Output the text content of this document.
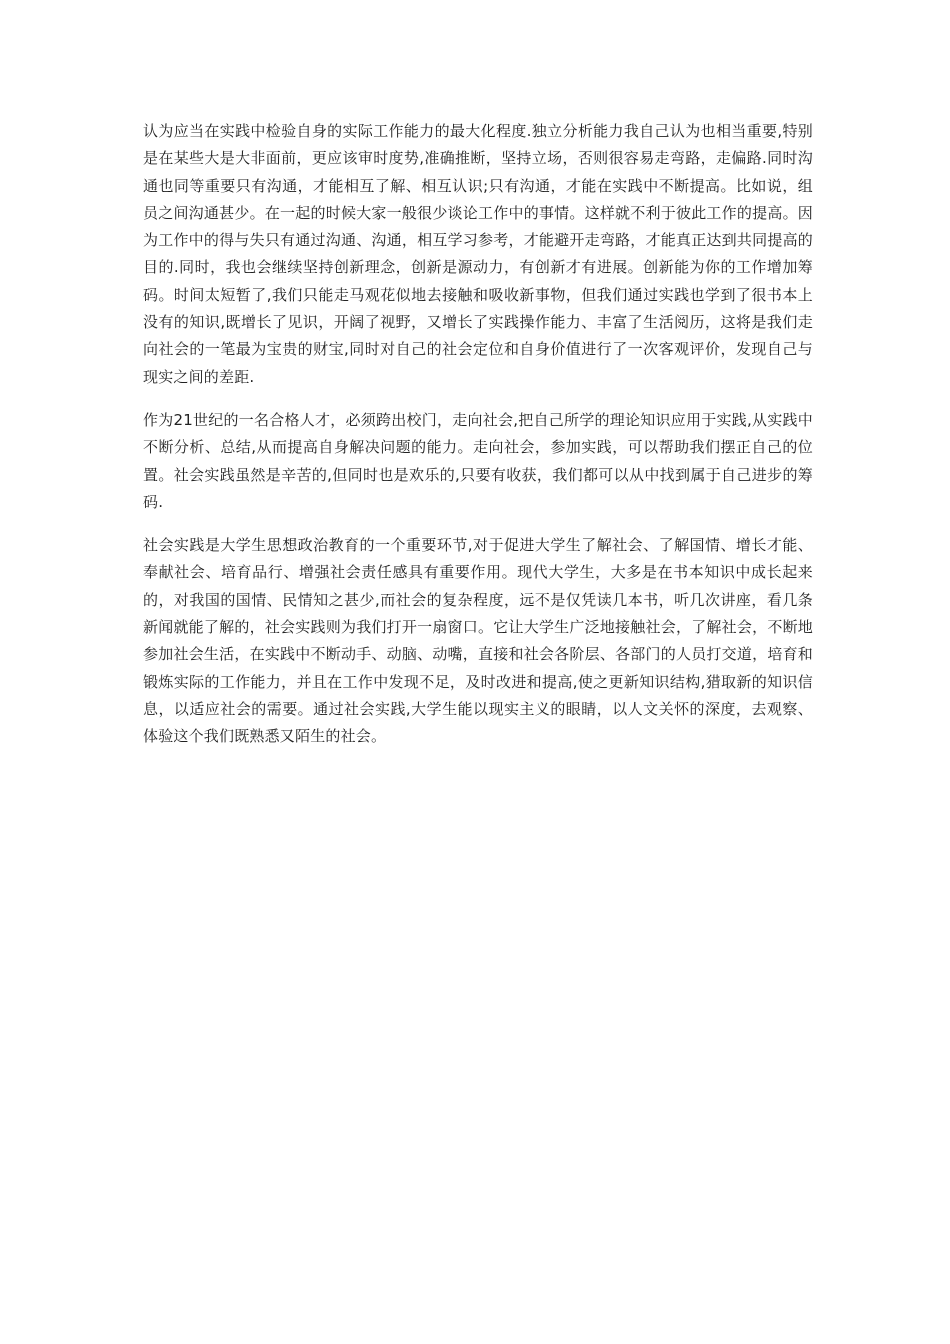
认为应当在实践中检验自身的实际工作能力的最大化程度.独立分析能力我自己认为也相当重要,特别是在某些大是大非面前，更应该审时度势,准确推断，坚持立场，否则很容易走弯路，走偏路.同时沟通也同等重要只有沟通，才能相互了解、相互认识;只有沟通，才能在实践中不断提高。比如说，组员之间沟通甚少。在一起的时候大家一般很少谈论工作中的事情。这样就不利于彼此工作的提高。因为工作中的得与失只有通过沟通、沟通，相互学习参考，才能避开走弯路，才能真正达到共同提高的目的.同时，我也会继续坚持创新理念，创新是源动力，有创新才有进展。创新能为你的工作增加筹码。时间太短暂了,我们只能走马观花似地去接触和吸收新事物，但我们通过实践也学到了很书本上没有的知识,既增长了见识，开阔了视野，又增长了实践操作能力、丰富了生活阅历，这将是我们走向社会的一笔最为宝贵的财宝,同时对自己的社会定位和自身价值进行了一次客观评价，发现自己与现实之间的差距.

作为21世纪的一名合格人才，必须跨出校门，走向社会,把自己所学的理论知识应用于实践,从实践中不断分析、总结,从而提高自身解决问题的能力。走向社会，参加实践，可以帮助我们摆正自己的位置。社会实践虽然是辛苦的,但同时也是欢乐的,只要有收获，我们都可以从中找到属于自己进步的筹码.

社会实践是大学生思想政治教育的一个重要环节,对于促进大学生了解社会、了解国情、增长才能、奉献社会、培育品行、增强社会责任感具有重要作用。现代大学生，大多是在书本知识中成长起来的，对我国的国情、民情知之甚少,而社会的复杂程度，远不是仅凭读几本书，听几次讲座，看几条新闻就能了解的，社会实践则为我们打开一扇窗口。它让大学生广泛地接触社会，了解社会，不断地参加社会生活，在实践中不断动手、动脑、动嘴，直接和社会各阶层、各部门的人员打交道，培育和锻炼实际的工作能力，并且在工作中发现不足，及时改进和提高,使之更新知识结构,猎取新的知识信息，以适应社会的需要。通过社会实践,大学生能以现实主义的眼睛，以人文关怀的深度，去观察、体验这个我们既熟悉又陌生的社会。
